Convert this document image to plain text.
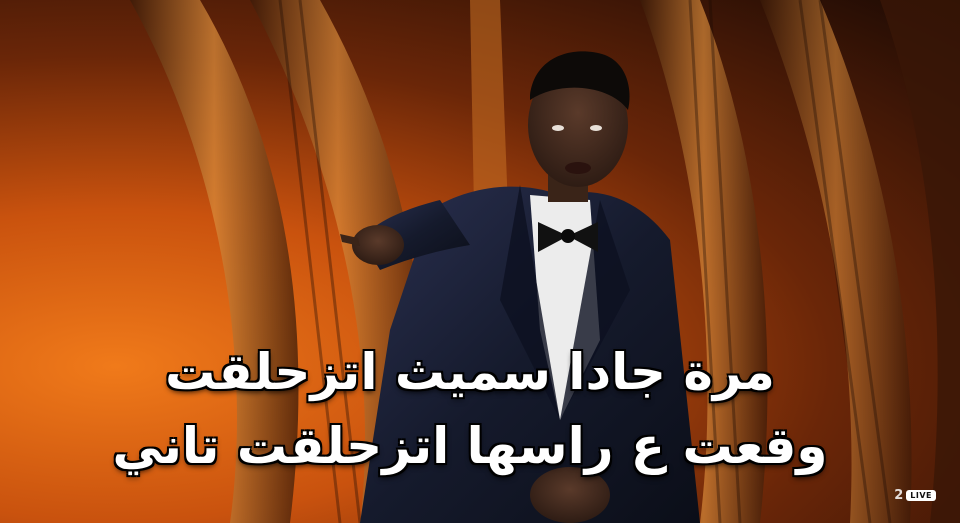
مرة جادا سميث اتزحلقت
وقعت ع راسها اتزحلقت تاني
2 LIVE
